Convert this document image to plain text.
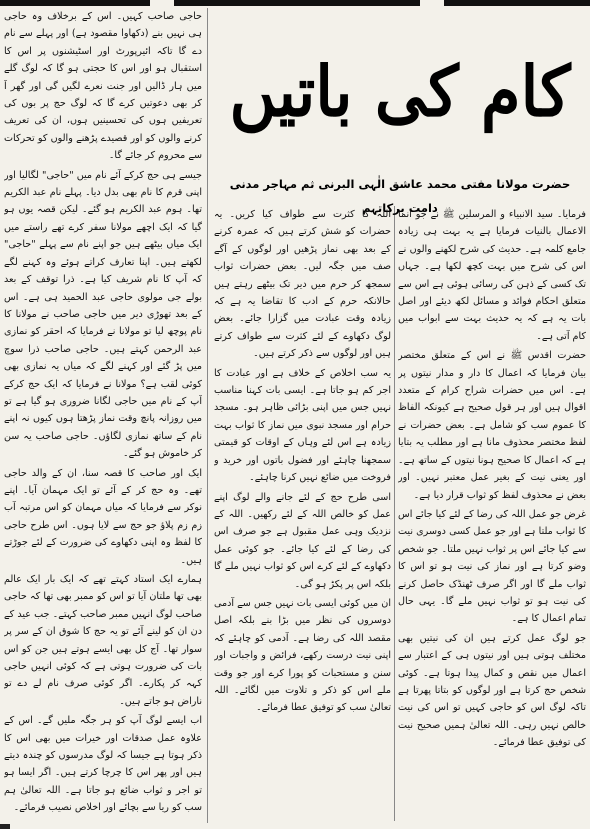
کام کی باتیں
حضرت مولانا مفتی محمد عاشق الٰہی البرنی ثم مہاجر مدنی دامت برکاتہم

حاجی صاحب کہیں۔ اس کے برخلاف وہ حاجی ہی نہیں بنے (دکھاوا مقصود ہے) اور پہلے سے نام دے گا تاکہ ائیرپورٹ اور اسٹیشنوں پر اس کا استقبال ہو اور اس کا حجتی ہو گا کہ لوگ گلے میں ہار ڈالیں اور جنت نعرے لگیں گی اور گھر آ کر بھی دعوتیں کرے گا کہ لوگ حج پر بوں کی تعریفیں ہوں کی تحسینیں ہوں، ان کی تعریف کرنے والوں کو اور قصیدے پڑھنے والوں کو تحرکات سے محروم کر جائے گا۔

جیسے ہی حج کرکے آئے نام میں "حاجی" لگالیا اور اپنی قرم کا نام بھی بدل دیا۔ پہلے نام عبد الکریم تھا۔ ہوم عبد الکریم ہو گئے۔ لیکن قصہ یوں ہو گیا کہ ایک اچھے مولانا سفر کرے تھے راستے میں ایک میاں بیٹھے ہیں جو اپنے نام سے پہلے "حاجی" لکھتے ہیں۔ اپنا تعارف کراتے ہوئے وہ کہنے لگے کہ آپ کا نام شریف کیا ہے۔ ذرا توقف کے بعد بولے جی مولوی حاجی عبد الحمید ہی ہے۔ اس کے بعد تھوڑی دیر میں حاجی صاحب نے مولانا کا نام پوچھ لیا تو مولانا نے فرمایا کہ احقر کو نمازی عبد الرحمن کہتے ہیں۔ حاجی صاحب ذرا سوچ میں پڑ گئے اور کہنے لگے کہ میاں یہ نمازی بھی کوئی لقب ہے؟ مولانا نے فرمایا کہ ایک حج کرکے آپ کے نام میں حاجی لگانا ضروری ہو گیا ہے تو میں روزانہ پانچ وقت نماز پڑھتا ہوں کیوں نہ اپنے نام کے ساتھ نمازی لگاؤں۔ حاجی صاحب یہ سن کر خاموش ہو گئے۔

ایک اور صاحب کا قصہ سنا، ان کے والد حاجی تھے۔ وہ حج کر کے آئے تو ایک مہمان آیا۔ اپنے نوکر سے فرمایا کہ میاں مہمان کو اس مرتبہ آب زم زم پلاؤ جو حج سے لایا ہوں۔ اس طرح حاجی کا لفظ وہ اپنی دکھاوے کی ضرورت کے لئے جوڑتے ہیں۔

ہمارے ایک استاد کہتے تھے کہ ایک بار ایک عالم بھی تھا ملتان آیا تو اس کو ممبر بھی تھا کہ حاجی صاحب لوگ انہیں ممبر صاحب کہتے۔ جب عید کے دن ان کو لینے آئے تو یہ حج کا شوق ان کے سر پر سوار تھا۔ آج کل بھی ایسے ہوتے ہیں جن کو اس بات کی ضرورت ہوتی ہے کہ کوئی انہیں حاجی کہہ کر پکارے۔ اگر کوئی صرف نام لے دے تو ناراض ہو جاتے ہیں۔

اب ایسے لوگ آپ کو ہر جگہ ملیں گے۔ اس کے علاوہ عمل صدقات اور خیرات میں بھی اس کا ذکر ہوتا ہے جیسا کہ لوگ مدرسوں کو چندہ دیتے ہیں اور پھر اس کا چرچا کرتے ہیں۔ اگر ایسا ہو تو اجر و ثواب ضائع ہو جاتا ہے۔ اللہ تعالیٰ ہم سب کو ریا سے بچائے اور اخلاص نصیب فرمائے۔

اللہ کا کثرت سے طواف کیا کریں۔ یہ حضرات کو شش کرتے ہیں کہ عمرہ کرنے کے بعد بھی نماز پڑھیں اور لوگوں کے آگے صف میں جگہ لیں۔ بعض حضرات ثواب سمجھ کر حرم میں دیر تک بیٹھے رہتے ہیں حالانکہ حرم کے ادب کا تقاضا یہ ہے کہ زیادہ وقت عبادت میں گزارا جائے۔ بعض لوگ دکھاوے کے لئے کثرت سے طواف کرتے ہیں اور لوگوں سے ذکر کرتے ہیں۔

یہ سب اخلاص کے خلاف ہے اور عبادت کا اجر کم ہو جاتا ہے۔ ایسی بات کہنا مناسب نہیں جس میں اپنی بڑائی ظاہر ہو۔ مسجد حرام اور مسجد نبوی میں نماز کا ثواب بہت زیادہ ہے اس لئے وہاں کے اوقات کو قیمتی سمجھنا چاہئے اور فضول باتوں اور خرید و فروخت میں ضائع نہیں کرنا چاہئے۔

اسی طرح حج کے لئے جانے والے لوگ اپنے عمل کو خالص اللہ کے لئے رکھیں۔ اللہ کے نزدیک وہی عمل مقبول ہے جو صرف اس کی رضا کے لئے کیا جائے۔ جو کوئی عمل دکھاوے کے لئے کرے اس کو ثواب نہیں ملے گا بلکہ اس پر پکڑ ہو گی۔

ان میں کوئی ایسی بات نہیں جس سے آدمی دوسروں کی نظر میں بڑا بنے بلکہ اصل مقصد اللہ کی رضا ہے۔ آدمی کو چاہئے کہ اپنی نیت درست رکھے، فرائض و واجبات اور سنن و مستحبات کو پورا کرے اور جو وقت ملے اس کو ذکر و تلاوت میں لگائے۔ اللہ تعالیٰ سب کو توفیق عطا فرمائے۔

فرمایا۔ سید الانبیاء و المرسلین ﷺ نے جو انما الاعمال بالنیات فرمایا ہے یہ بہت ہی زیادہ جامع کلمہ ہے۔ حدیث کی شرح لکھنے والوں نے اس کی شرح میں بہت کچھ لکھا ہے۔ جہاں تک کسی کے ذہن کی رسائی ہوئی ہے اس سے متعلق احکام فوائد و مسائل لکھ دیئے اور اصل بات یہ ہے کہ یہ حدیث بہت سے ابواب میں کام آتی ہے۔

حضرت اقدس ﷺ نے اس کے متعلق مختصر بیان فرمایا کہ اعمال کا دار و مدار نیتوں پر ہے۔ اس میں حضرات شراح کرام کے متعدد اقوال ہیں اور ہر قول صحیح ہے کیونکہ الفاظ کا عموم سب کو شامل ہے۔ بعض حضرات نے لفظ مختصر محذوف مانا ہے اور مطلب یہ بتایا ہے کہ اعمال کا صحیح ہونا نیتوں کے ساتھ ہے۔ اور یعنی نیت کے بغیر عمل معتبر نہیں۔ اور بعض نے محذوف لفظ کو ثواب قرار دیا ہے۔

غرض جو عمل اللہ کی رضا کے لئے کیا جائے اس کا ثواب ملتا ہے اور جو عمل کسی دوسری نیت سے کیا جائے اس پر ثواب نہیں ملتا۔ جو شخص وضو کرتا ہے اور نماز کی نیت ہو تو اس کا ثواب ملے گا اور اگر صرف ٹھنڈک حاصل کرنے کی نیت ہو تو ثواب نہیں ملے گا۔ یہی حال تمام اعمال کا ہے۔

جو لوگ عمل کرتے ہیں ان کی نیتیں بھی مختلف ہوتی ہیں اور نیتوں ہی کے اعتبار سے اعمال میں نقص و کمال پیدا ہوتا ہے۔ کوئی شخص حج کرتا ہے اور لوگوں کو بتاتا پھرتا ہے تاکہ لوگ اس کو حاجی کہیں تو اس کی نیت خالص نہیں رہی۔ اللہ تعالیٰ ہمیں صحیح نیت کی توفیق عطا فرمائے۔
